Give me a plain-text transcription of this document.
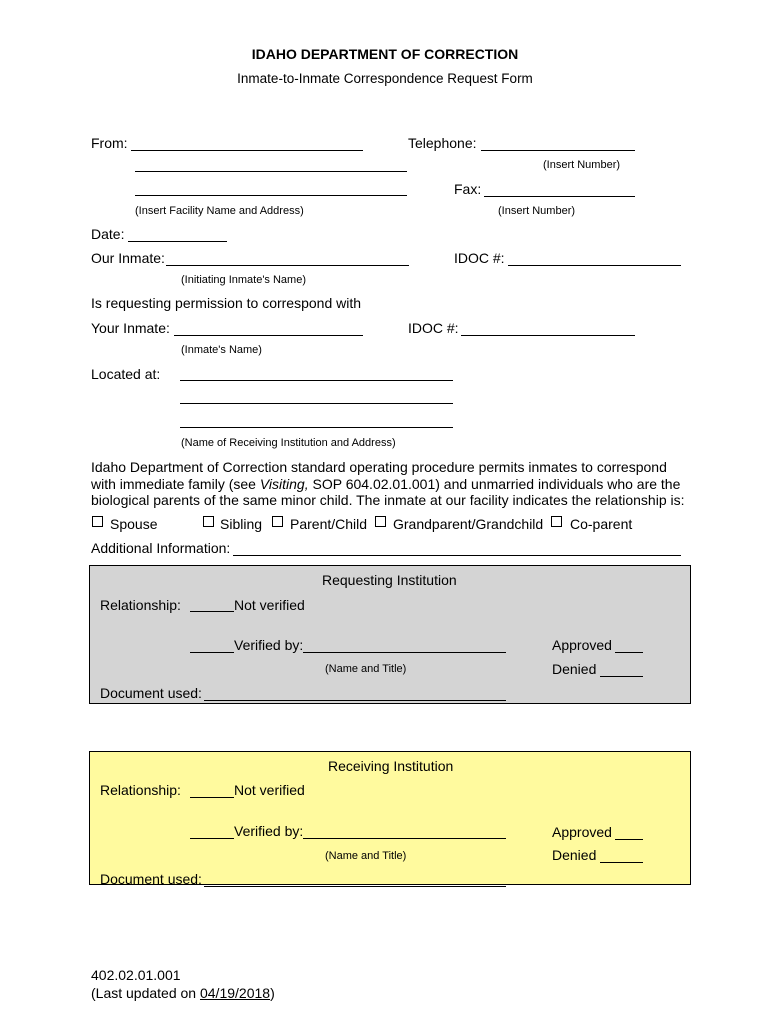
IDAHO DEPARTMENT OF CORRECTION
Inmate-to-Inmate Correspondence Request Form
From:	Telephone:
(Insert Number)
Fax:
(Insert Facility Name and Address)	(Insert Number)
Date:
Our Inmate:	IDOC #:
(Initiating Inmate's Name)
Is requesting permission to correspond with
Your Inmate:	IDOC #:
(Inmate's Name)
Located at:
(Name of Receiving Institution and Address)
Idaho Department of Correction standard operating procedure permits inmates to correspond
with immediate family (see Visiting, SOP 604.02.01.001) and unmarried individuals who are the
biological parents of the same minor child. The inmate at our facility indicates the relationship is:
Spouse	Sibling Parent/Child Grandparent/Grandchild Co-parent
Additional Information:
Requesting Institution
Relationship:	Not verified
Verified by:	Approved
(Name and Title)	Denied
Document used:
Receiving Institution
Relationship:	Not verified
Verified by:	Approved
(Name and Title)	Denied
Document used:
402.02.01.001
(Last updated on 04/19/2018)
